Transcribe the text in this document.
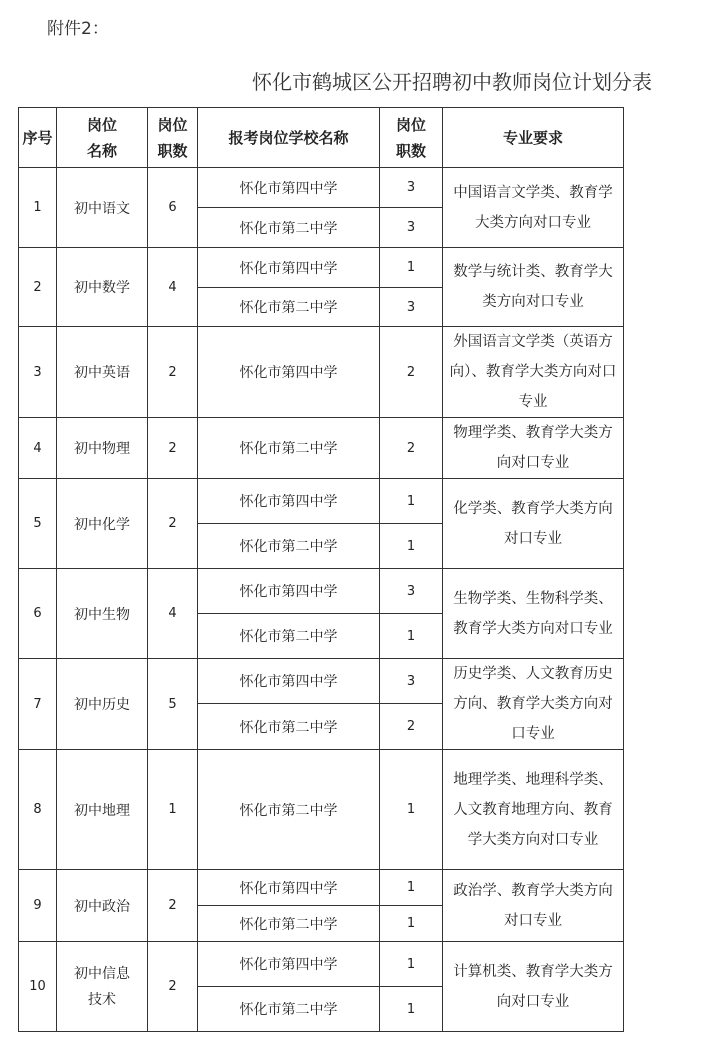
附件2：
怀化市鹤城区公开招聘初中教师岗位计划分表
序号	岗位名称	岗位职数	报考岗位学校名称	岗位职数	专业要求
1	初中语文	6	怀化市第四中学	3	中国语言文学类、教育学大类方向对口专业
			怀化市第二中学	3	
2	初中数学	4	怀化市第四中学	1	数学与统计类、教育学大类方向对口专业
			怀化市第二中学	3	
3	初中英语	2	怀化市第四中学	2	外国语言文学类（英语方向）、教育学大类方向对口专业
4	初中物理	2	怀化市第二中学	2	物理学类、教育学大类方向对口专业
5	初中化学	2	怀化市第四中学	1	化学类、教育学大类方向对口专业
			怀化市第二中学	1	
6	初中生物	4	怀化市第四中学	3	生物学类、生物科学类、教育学大类方向对口专业
			怀化市第二中学	1	
7	初中历史	5	怀化市第四中学	3	历史学类、人文教育历史方向、教育学大类方向对口专业
			怀化市第二中学	2	
8	初中地理	1	怀化市第二中学	1	地理学类、地理科学类、人文教育地理方向、教育学大类方向对口专业
9	初中政治	2	怀化市第四中学	1	政治学、教育学大类方向对口专业
			怀化市第二中学	1	
10	初中信息技术	2	怀化市第四中学	1	计算机类、教育学大类方向对口专业
			怀化市第二中学	1	
